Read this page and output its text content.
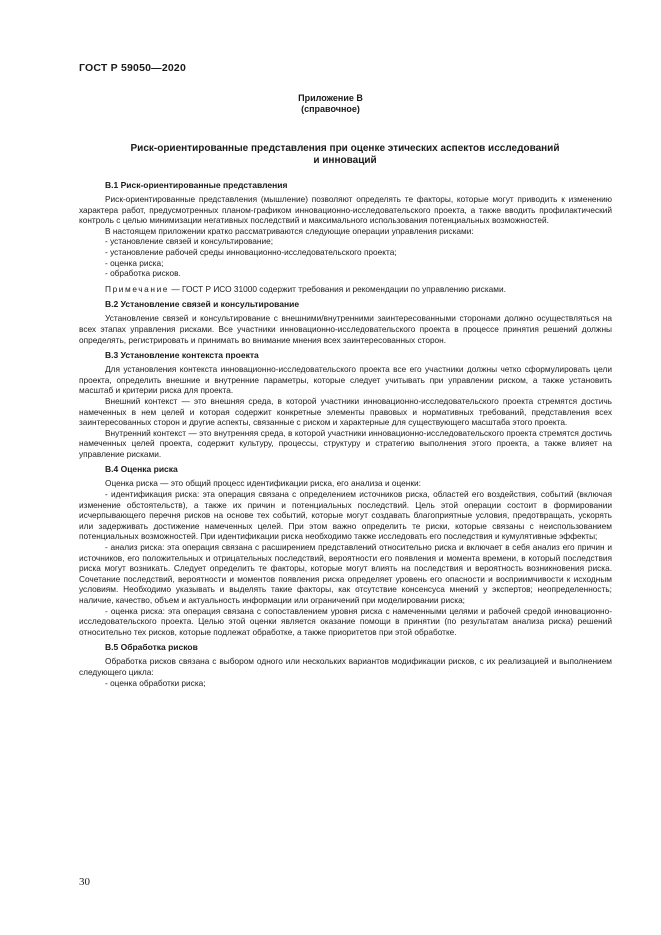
ГОСТ Р 59050—2020
Приложение В
(справочное)
Риск-ориентированные представления при оценке этических аспектов исследований
и инноваций
В.1 Риск-ориентированные представления

Риск-ориентированные представления (мышление) позволяют определять те факторы, которые могут приводить к изменению характера работ, предусмотренных планом-графиком инновационно-исследовательского проекта, а также вводить профилактический контроль с целью минимизации негативных последствий и максимального использования потенциальных возможностей.

В настоящем приложении кратко рассматриваются следующие операции управления рисками:

- установление связей и консультирование;

- установление рабочей среды инновационно-исследовательского проекта;

- оценка риска;

- обработка рисков.

Примечание — ГОСТ Р ИСО 31000 содержит требования и рекомендации по управлению рисками.

В.2 Установление связей и консультирование

Установление связей и консультирование с внешними/внутренними заинтересованными сторонами должно осуществляться на всех этапах управления рисками. Все участники инновационно-исследовательского проекта в процессе принятия решений должны определять, регистрировать и принимать во внимание мнения всех заинтересованных сторон.

В.3 Установление контекста проекта

Для установления контекста инновационно-исследовательского проекта все его участники должны четко сформулировать цели проекта, определить внешние и внутренние параметры, которые следует учитывать при управлении риском, а также установить масштаб и критерии риска для проекта.

Внешний контекст — это внешняя среда, в которой участники инновационно-исследовательского проекта стремятся достичь намеченных в нем целей и которая содержит конкретные элементы правовых и нормативных требований, представления всех заинтересованных сторон и другие аспекты, связанные с риском и характерные для существующего масштаба этого проекта.

Внутренний контекст — это внутренняя среда, в которой участники инновационно-исследовательского проекта стремятся достичь намеченных целей проекта, содержит культуру, процессы, структуру и стратегию выполнения этого проекта, а также влияет на управление рисками.

В.4 Оценка риска

Оценка риска — это общий процесс идентификации риска, его анализа и оценки:

- идентификация риска: эта операция связана с определением источников риска, областей его воздействия, событий (включая изменение обстоятельств), а также их причин и потенциальных последствий. Цель этой операции состоит в формировании исчерпывающего перечня рисков на основе тех событий, которые могут создавать благоприятные условия, предотвращать, ускорять или задерживать достижение намеченных целей. При этом важно определить те риски, которые связаны с неиспользованием потенциальных возможностей. При идентификации риска необходимо также исследовать его последствия и кумулятивные эффекты;

- анализ риска: эта операция связана с расширением представлений относительно риска и включает в себя анализ его причин и источников, его положительных и отрицательных последствий, вероятности его появления и момента времени, в который последствия риска могут возникать. Следует определить те факторы, которые могут влиять на последствия и вероятность возникновения риска. Сочетание последствий, вероятности и моментов появления риска определяет уровень его опасности и восприимчивости к исходным условиям. Необходимо указывать и выделять такие факторы, как отсутствие консенсуса мнений у экспертов; неопределенность; наличие, качество, объем и актуальность информации или ограничений при моделировании риска;

- оценка риска: эта операция связана с сопоставлением уровня риска с намеченными целями и рабочей средой инновационно-исследовательского проекта. Целью этой оценки является оказание помощи в принятии (по результатам анализа риска) решений относительно тех рисков, которые подлежат обработке, а также приоритетов при этой обработке.

В.5 Обработка рисков

Обработка рисков связана с выбором одного или нескольких вариантов модификации рисков, с их реализацией и выполнением следующего цикла:

- оценка обработки риска;

30
